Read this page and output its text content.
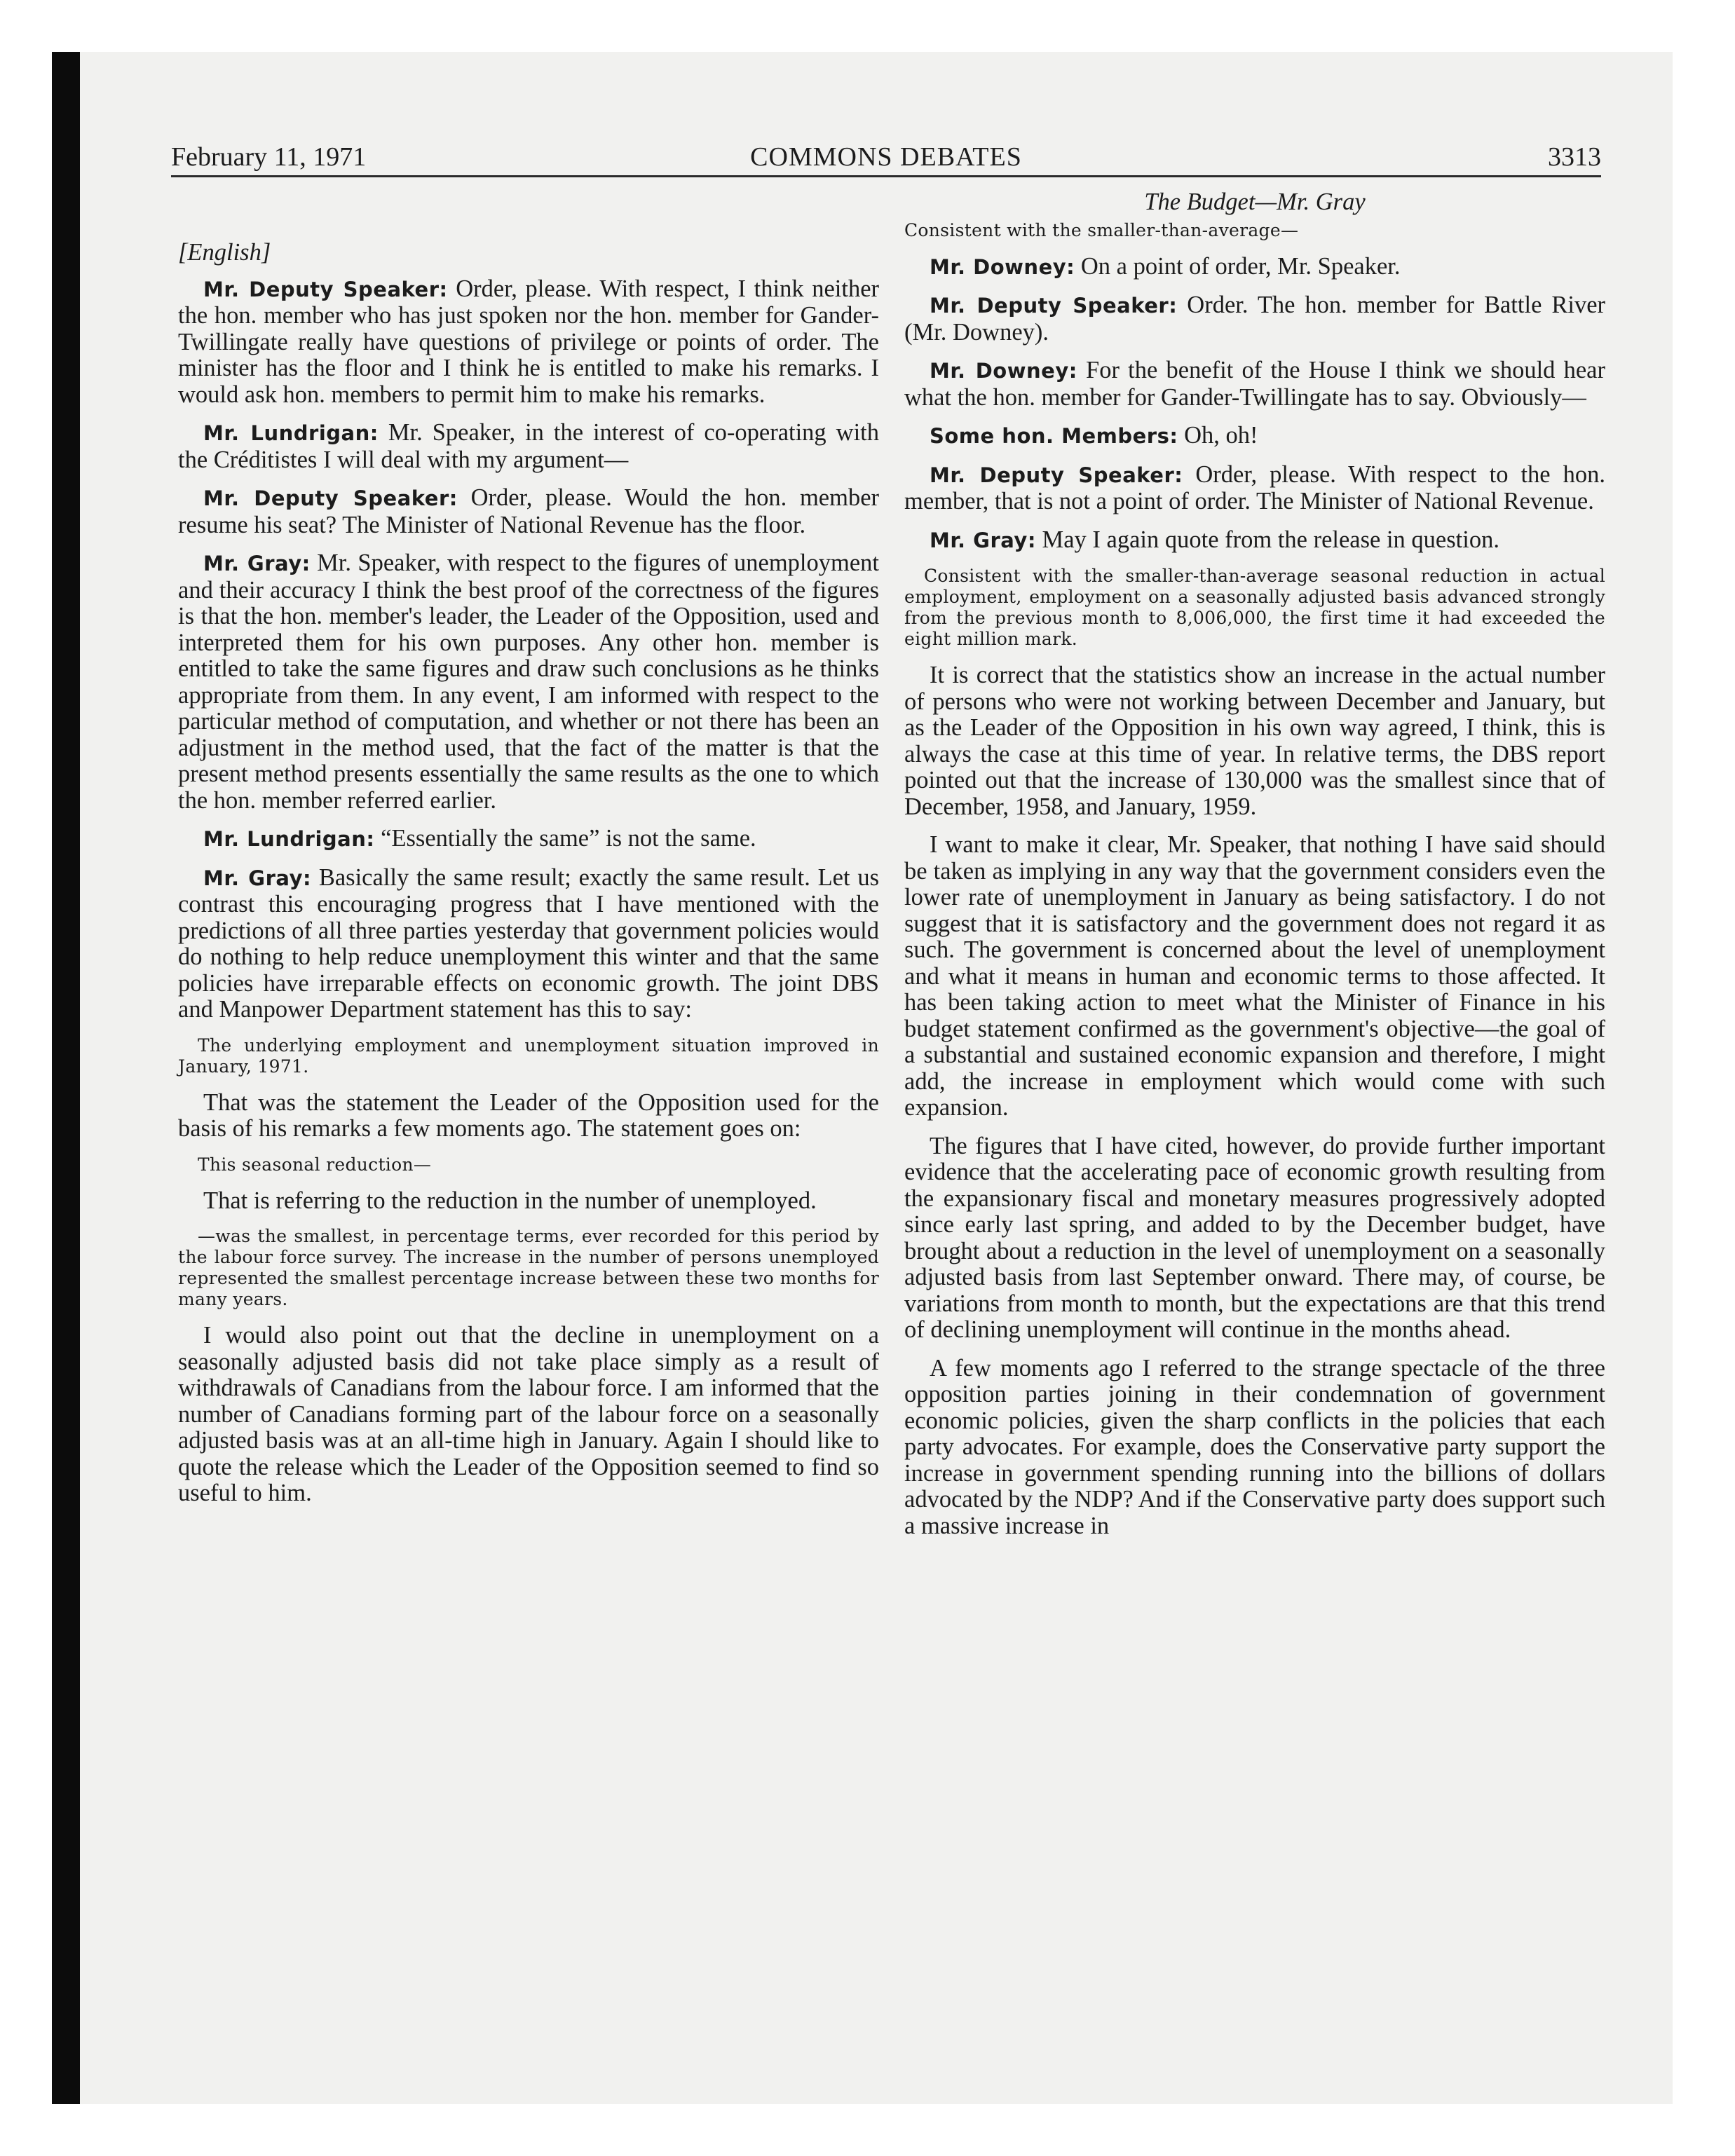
February 11, 1971	COMMONS DEBATES	3313

[English]

Mr. Deputy Speaker: Order, please. With respect, I think neither the hon. member who has just spoken nor the hon. member for Gander-Twillingate really have questions of privilege or points of order. The minister has the floor and I think he is entitled to make his remarks. I would ask hon. members to permit him to make his remarks.

Mr. Lundrigan: Mr. Speaker, in the interest of co-operating with the Créditistes I will deal with my argument—

Mr. Deputy Speaker: Order, please. Would the hon. member resume his seat? The Minister of National Revenue has the floor.

Mr. Gray: Mr. Speaker, with respect to the figures of unemployment and their accuracy I think the best proof of the correctness of the figures is that the hon. member's leader, the Leader of the Opposition, used and interpreted them for his own purposes. Any other hon. member is entitled to take the same figures and draw such conclusions as he thinks appropriate from them. In any event, I am informed with respect to the particular method of computation, and whether or not there has been an adjustment in the method used, that the fact of the matter is that the present method presents essentially the same results as the one to which the hon. member referred earlier.

Mr. Lundrigan: “Essentially the same” is not the same.

Mr. Gray: Basically the same result; exactly the same result. Let us contrast this encouraging progress that I have mentioned with the predictions of all three parties yesterday that government policies would do nothing to help reduce unemployment this winter and that the same policies have irreparable effects on economic growth. The joint DBS and Manpower Department statement has this to say:

The underlying employment and unemployment situation improved in January, 1971.

That was the statement the Leader of the Opposition used for the basis of his remarks a few moments ago. The statement goes on:

This seasonal reduction—

That is referring to the reduction in the number of unemployed.

—was the smallest, in percentage terms, ever recorded for this period by the labour force survey. The increase in the number of persons unemployed represented the smallest percentage increase between these two months for many years.

I would also point out that the decline in unemployment on a seasonally adjusted basis did not take place simply as a result of withdrawals of Canadians from the labour force. I am informed that the number of Canadians forming part of the labour force on a seasonally adjusted basis was at an all-time high in January. Again I should like to quote the release which the Leader of the Opposition seemed to find so useful to him.

The Budget—Mr. Gray

Consistent with the smaller-than-average—

Mr. Downey: On a point of order, Mr. Speaker.

Mr. Deputy Speaker: Order. The hon. member for Battle River (Mr. Downey).

Mr. Downey: For the benefit of the House I think we should hear what the hon. member for Gander-Twillingate has to say. Obviously—

Some hon. Members: Oh, oh!

Mr. Deputy Speaker: Order, please. With respect to the hon. member, that is not a point of order. The Minister of National Revenue.

Mr. Gray: May I again quote from the release in question.

Consistent with the smaller-than-average seasonal reduction in actual employment, employment on a seasonally adjusted basis advanced strongly from the previous month to 8,006,000, the first time it had exceeded the eight million mark.

It is correct that the statistics show an increase in the actual number of persons who were not working between December and January, but as the Leader of the Opposition in his own way agreed, I think, this is always the case at this time of year. In relative terms, the DBS report pointed out that the increase of 130,000 was the smallest since that of December, 1958, and January, 1959.

I want to make it clear, Mr. Speaker, that nothing I have said should be taken as implying in any way that the government considers even the lower rate of unemployment in January as being satisfactory. I do not suggest that it is satisfactory and the government does not regard it as such. The government is concerned about the level of unemployment and what it means in human and economic terms to those affected. It has been taking action to meet what the Minister of Finance in his budget statement confirmed as the government's objective—the goal of a substantial and sustained economic expansion and therefore, I might add, the increase in employment which would come with such expansion.

The figures that I have cited, however, do provide further important evidence that the accelerating pace of economic growth resulting from the expansionary fiscal and monetary measures progressively adopted since early last spring, and added to by the December budget, have brought about a reduction in the level of unemployment on a seasonally adjusted basis from last September onward. There may, of course, be variations from month to month, but the expectations are that this trend of declining unemployment will continue in the months ahead.

A few moments ago I referred to the strange spectacle of the three opposition parties joining in their condemnation of government economic policies, given the sharp conflicts in the policies that each party advocates. For example, does the Conservative party support the increase in government spending running into the billions of dollars advocated by the NDP? And if the Conservative party does support such a massive increase in
